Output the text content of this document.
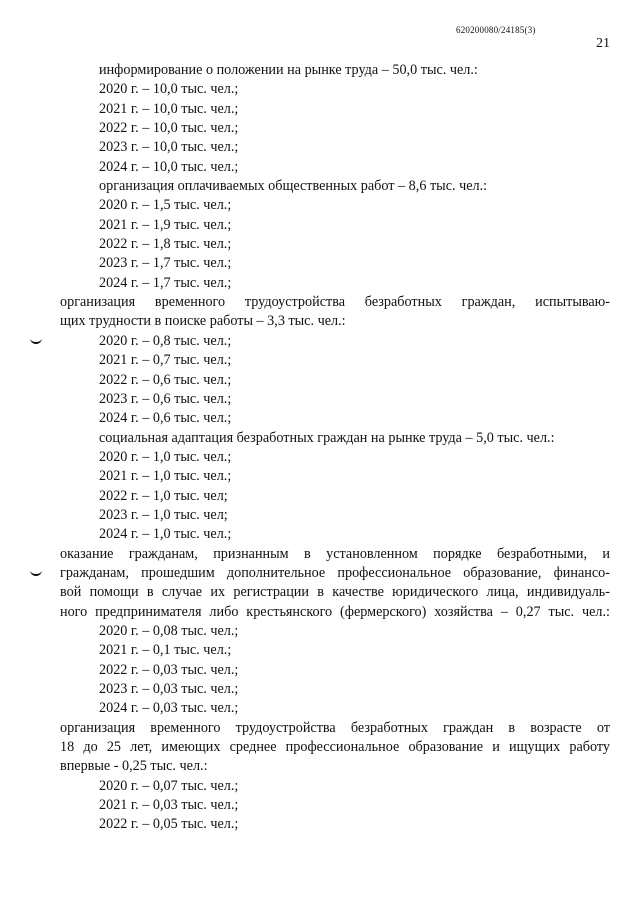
620200080/24185(3)
21
информирование о положении на рынке труда – 50,0 тыс. чел.:
2020 г. – 10,0 тыс. чел.;
2021 г. – 10,0 тыс. чел.;
2022 г. – 10,0 тыс. чел.;
2023 г. – 10,0 тыс. чел.;
2024 г. – 10,0 тыс. чел.;
организация оплачиваемых общественных работ – 8,6 тыс. чел.:
2020 г. – 1,5 тыс. чел.;
2021 г. – 1,9 тыс. чел.;
2022 г. – 1,8 тыс. чел.;
2023 г. – 1,7 тыс. чел.;
2024 г. – 1,7 тыс. чел.;
организация временного трудоустройства безработных граждан, испытываю-
щих трудности в поиске работы – 3,3 тыс. чел.:
2020 г. – 0,8 тыс. чел.;
2021 г. – 0,7 тыс. чел.;
2022 г. – 0,6 тыс. чел.;
2023 г. – 0,6 тыс. чел.;
2024 г. – 0,6 тыс. чел.;
социальная адаптация безработных граждан на рынке труда – 5,0 тыс. чел.:
2020 г. – 1,0 тыс. чел.;
2021 г. – 1,0 тыс. чел.;
2022 г. – 1,0 тыс. чел;
2023 г. – 1,0 тыс. чел;
2024 г. – 1,0 тыс. чел.;
оказание гражданам, признанным в установленном порядке безработными, и
гражданам, прошедшим дополнительное профессиональное образование, финансо-
вой помощи в случае их регистрации в качестве юридического лица, индивидуаль-
ного предпринимателя либо крестьянского (фермерского) хозяйства – 0,27 тыс. чел.:
2020 г. – 0,08 тыс. чел.;
2021 г. – 0,1 тыс. чел.;
2022 г. – 0,03 тыс. чел.;
2023 г. – 0,03 тыс. чел.;
2024 г. – 0,03 тыс. чел.;
организация временного трудоустройства безработных граждан в возрасте от
18 до 25 лет, имеющих среднее профессиональное образование и ищущих работу
впервые - 0,25 тыс. чел.:
2020 г. – 0,07 тыс. чел.;
2021 г. – 0,03 тыс. чел.;
2022 г. – 0,05 тыс. чел.;
